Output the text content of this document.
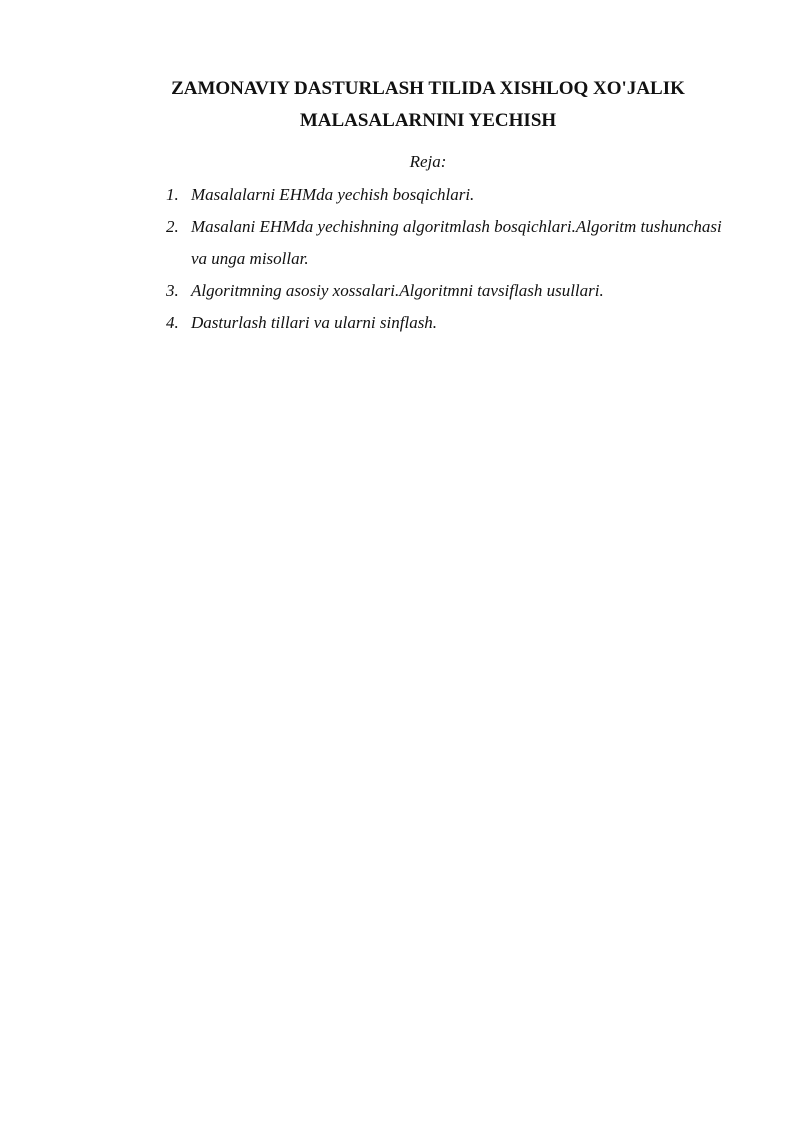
ZAMONAVIY DASTURLASH TILIDA XISHLOQ XO'JALIK
MALASALARNINI YECHISH

Reja:

1. Masalalarni EHMda yechish bosqichlari.
2. Masalani EHMda yechishning algoritmlash bosqichlari.Algoritm tushunchasi va unga misollar.
3. Algoritmning asosiy xossalari.Algoritmni tavsiflash usullari.
4. Dasturlash tillari va ularni sinflash.
